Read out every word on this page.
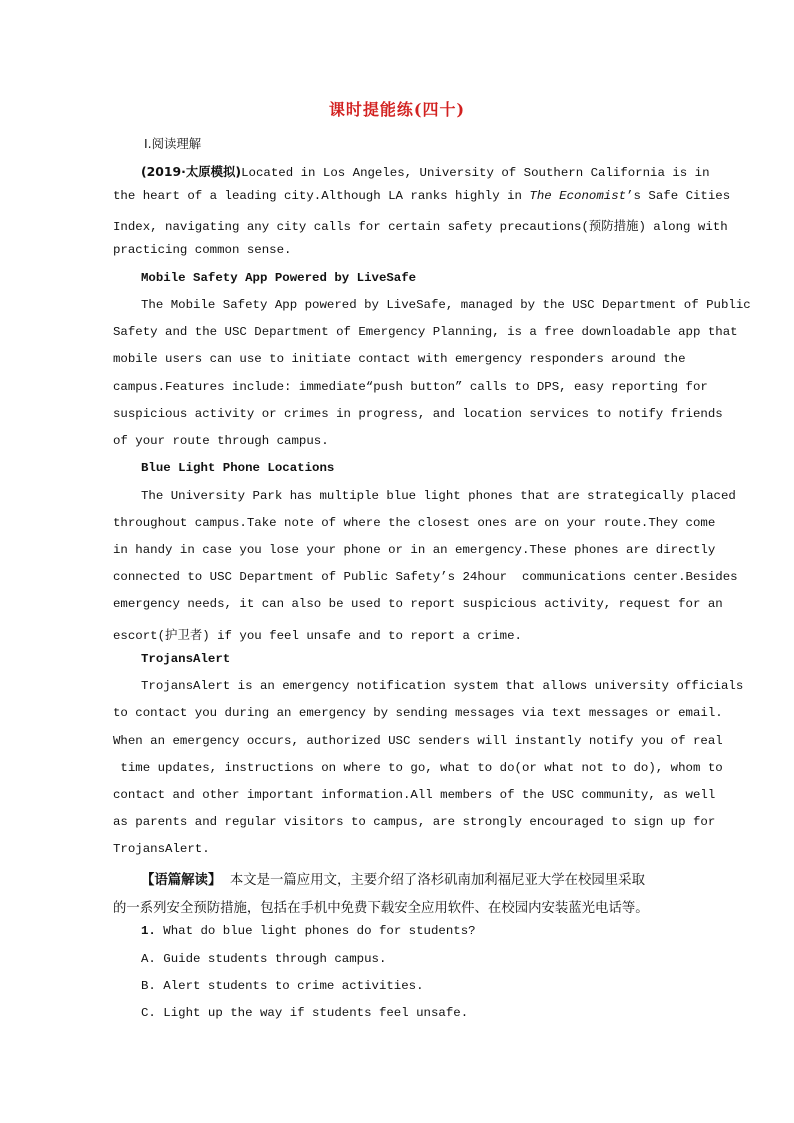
课时提能练(四十)
Ⅰ.阅读理解
(2019·太原模拟)Located in Los Angeles, University of Southern California is in
the heart of a leading city.Although LA ranks highly in The Economist’s Safe Cities
Index, navigating any city calls for certain safety precautions(预防措施) along with
practicing common sense.
Mobile Safety App Powered by LiveSafe
The Mobile Safety App powered by LiveSafe, managed by the USC Department of Public
Safety and the USC Department of Emergency Planning, is a free downloadable app that
mobile users can use to initiate contact with emergency responders around the
campus.Features include: immediate“push button” calls to DPS, easy reporting for
suspicious activity or crimes in progress, and location services to notify friends
of your route through campus.
Blue Light Phone Locations
The University Park has multiple blue light phones that are strategically placed
throughout campus.Take note of where the closest ones are on your route.They come
in handy in case you lose your phone or in an emergency.These phones are directly
connected to USC Department of Public Safety’s 24hour  communications center.Besides
emergency needs, it can also be used to report suspicious activity, request for an
escort(护卫者) if you feel unsafe and to report a crime.
TrojansAlert
TrojansAlert is an emergency notification system that allows university officials
to contact you during an emergency by sending messages via text messages or email.
When an emergency occurs, authorized USC senders will instantly notify you of real
time updates, instructions on where to go, what to do(or what not to do), whom to
contact and other important information.All members of the USC community, as well
as parents and regular visitors to campus, are strongly encouraged to sign up for
TrojansAlert.
【语篇解读】  本文是一篇应用文，主要介绍了洛杉矶南加利福尼亚大学在校园里采取
的一系列安全预防措施，包括在手机中免费下载安全应用软件、在校园内安装蓝光电话等。
1. What do blue light phones do for students?
A. Guide students through campus.
B. Alert students to crime activities.
C. Light up the way if students feel unsafe.
